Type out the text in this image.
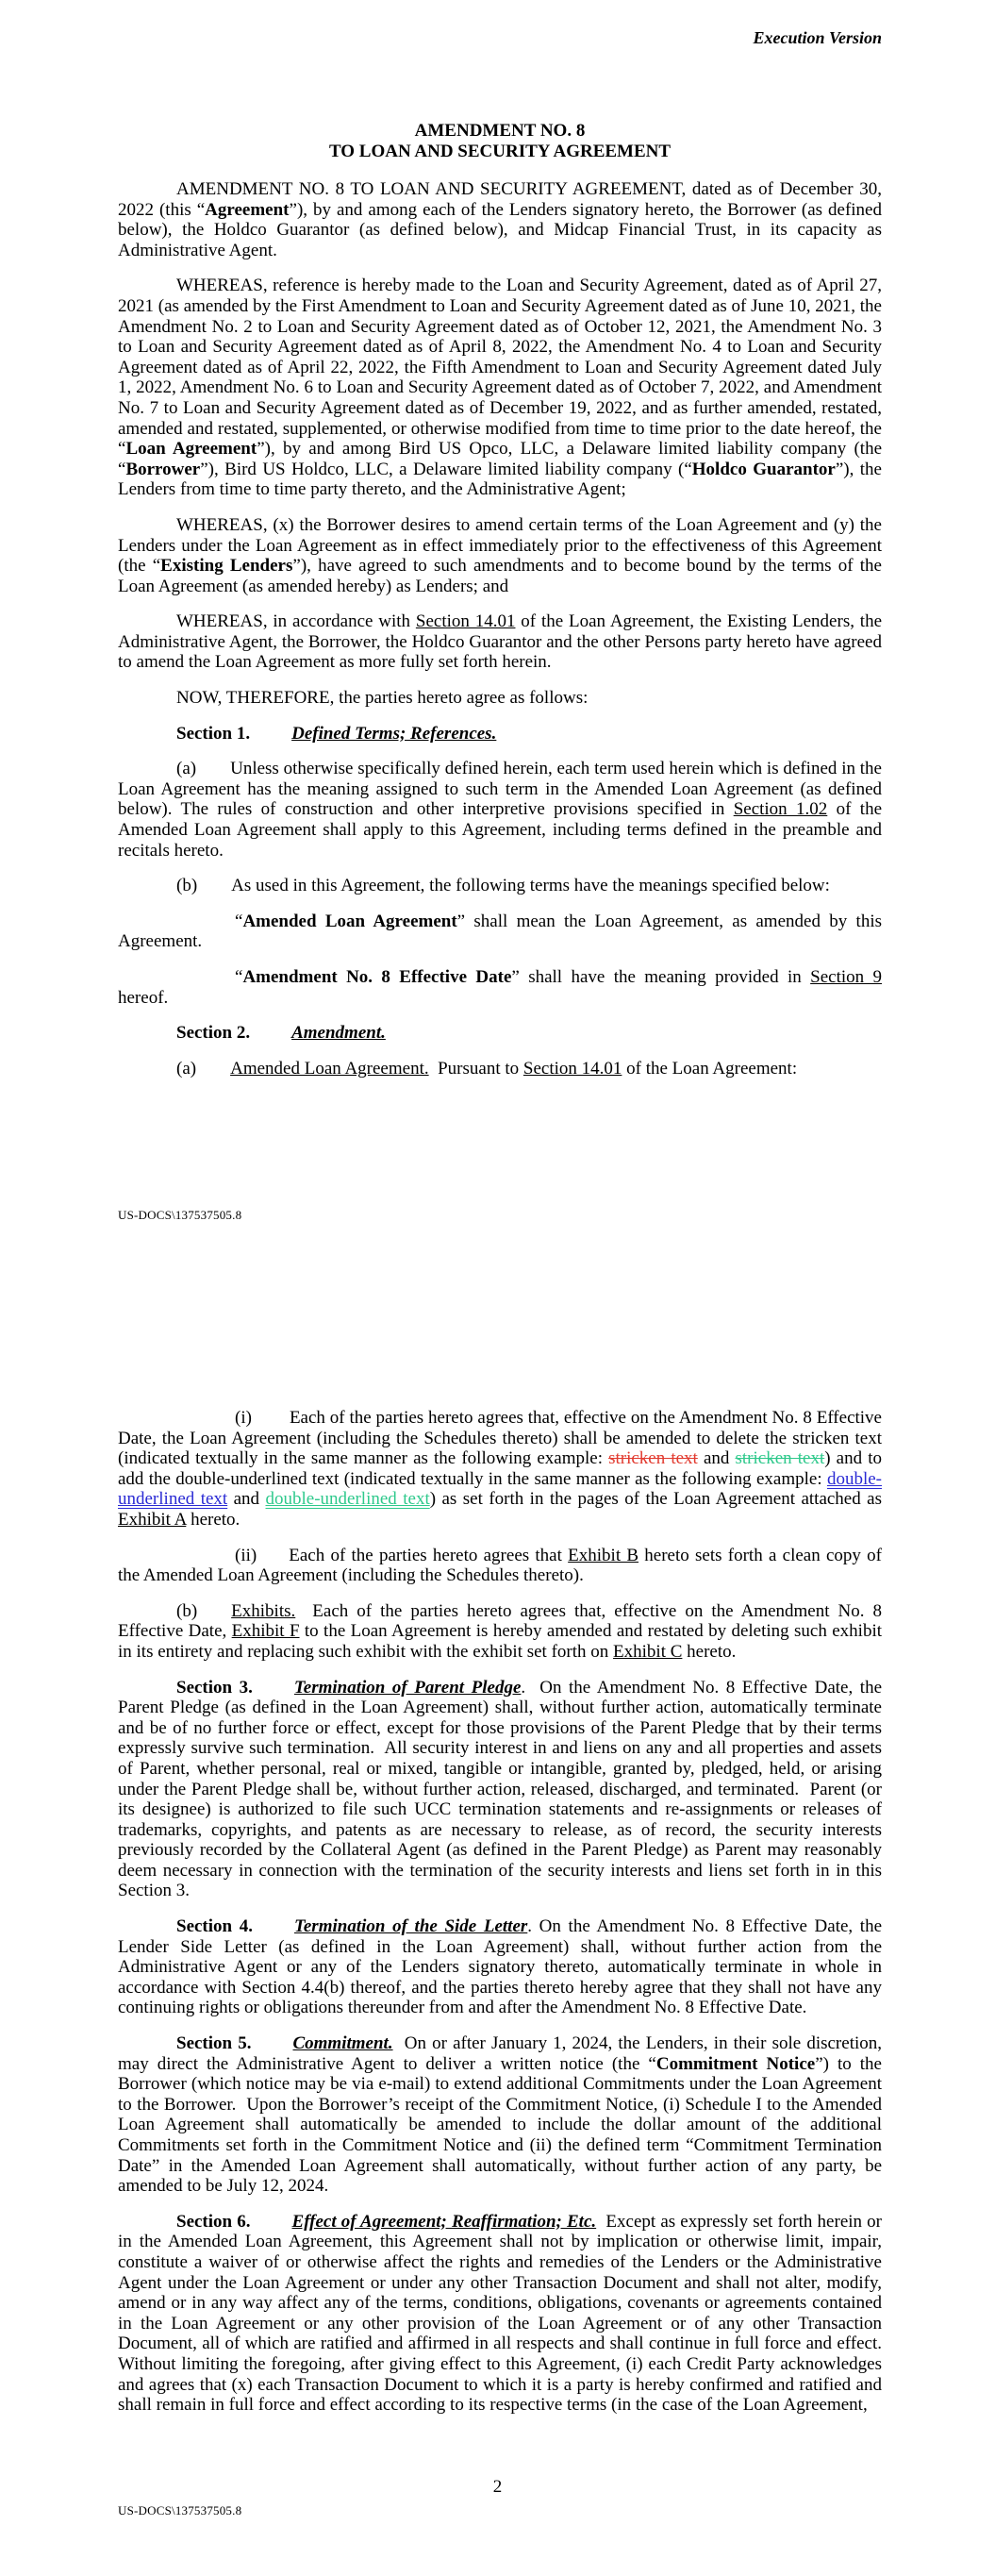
Execution Version
AMENDMENT NO. 8
TO LOAN AND SECURITY AGREEMENT

AMENDMENT NO. 8 TO LOAN AND SECURITY AGREEMENT, dated as of December 30, 2022 (this “Agreement”), by and among each of the Lenders signatory hereto, the Borrower (as defined below), the Holdco Guarantor (as defined below), and Midcap Financial Trust, in its capacity as Administrative Agent.

WHEREAS, reference is hereby made to the Loan and Security Agreement, dated as of April 27, 2021 (as amended by the First Amendment to Loan and Security Agreement dated as of June 10, 2021, the Amendment No. 2 to Loan and Security Agreement dated as of October 12, 2021, the Amendment No. 3 to Loan and Security Agreement dated as of April 8, 2022, the Amendment No. 4 to Loan and Security Agreement dated as of April 22, 2022, the Fifth Amendment to Loan and Security Agreement dated July 1, 2022, Amendment No. 6 to Loan and Security Agreement dated as of October 7, 2022, and Amendment No. 7 to Loan and Security Agreement dated as of December 19, 2022, and as further amended, restated, amended and restated, supplemented, or otherwise modified from time to time prior to the date hereof, the “Loan Agreement”), by and among Bird US Opco, LLC, a Delaware limited liability company (the “Borrower”), Bird US Holdco, LLC, a Delaware limited liability company (“Holdco Guarantor”), the Lenders from time to time party thereto, and the Administrative Agent;

WHEREAS, (x) the Borrower desires to amend certain terms of the Loan Agreement and (y) the Lenders under the Loan Agreement as in effect immediately prior to the effectiveness of this Agreement (the “Existing Lenders”), have agreed to such amendments and to become bound by the terms of the Loan Agreement (as amended hereby) as Lenders; and

WHEREAS, in accordance with Section 14.01 of the Loan Agreement, the Existing Lenders, the Administrative Agent, the Borrower, the Holdco Guarantor and the other Persons party hereto have agreed to amend the Loan Agreement as more fully set forth herein.

NOW, THEREFORE, the parties hereto agree as follows:

Section 1. Defined Terms; References.

(a) Unless otherwise specifically defined herein, each term used herein which is defined in the Loan Agreement has the meaning assigned to such term in the Amended Loan Agreement (as defined below). The rules of construction and other interpretive provisions specified in Section 1.02 of the Amended Loan Agreement shall apply to this Agreement, including terms defined in the preamble and recitals hereto.

(b) As used in this Agreement, the following terms have the meanings specified below:

“Amended Loan Agreement” shall mean the Loan Agreement, as amended by this Agreement.

“Amendment No. 8 Effective Date” shall have the meaning provided in Section 9 hereof.

Section 2. Amendment.

(a) Amended Loan Agreement.  Pursuant to Section 14.01 of the Loan Agreement:

US-DOCS\137537505.8

(i) Each of the parties hereto agrees that, effective on the Amendment No. 8 Effective Date, the Loan Agreement (including the Schedules thereto) shall be amended to delete the stricken text (indicated textually in the same manner as the following example: stricken text and stricken text) and to add the double-underlined text (indicated textually in the same manner as the following example: double-underlined text and double-underlined text) as set forth in the pages of the Loan Agreement attached as Exhibit A hereto.

(ii) Each of the parties hereto agrees that Exhibit B hereto sets forth a clean copy of the Amended Loan Agreement (including the Schedules thereto).

(b) Exhibits.  Each of the parties hereto agrees that, effective on the Amendment No. 8 Effective Date, Exhibit F to the Loan Agreement is hereby amended and restated by deleting such exhibit in its entirety and replacing such exhibit with the exhibit set forth on Exhibit C hereto.

Section 3. Termination of Parent Pledge.  On the Amendment No. 8 Effective Date, the Parent Pledge (as defined in the Loan Agreement) shall, without further action, automatically terminate and be of no further force or effect, except for those provisions of the Parent Pledge that by their terms expressly survive such termination.  All security interest in and liens on any and all properties and assets of Parent, whether personal, real or mixed, tangible or intangible, granted by, pledged, held, or arising under the Parent Pledge shall be, without further action, released, discharged, and terminated.  Parent (or its designee) is authorized to file such UCC termination statements and re-assignments or releases of trademarks, copyrights, and patents as are necessary to release, as of record, the security interests previously recorded by the Collateral Agent (as defined in the Parent Pledge) as Parent may reasonably deem necessary in connection with the termination of the security interests and liens set forth in in this Section 3.

Section 4. Termination of the Side Letter. On the Amendment No. 8 Effective Date, the Lender Side Letter (as defined in the Loan Agreement) shall, without further action from the Administrative Agent or any of the Lenders signatory thereto, automatically terminate in whole in accordance with Section 4.4(b) thereof, and the parties thereto hereby agree that they shall not have any continuing rights or obligations thereunder from and after the Amendment No. 8 Effective Date.

Section 5. Commitment.  On or after January 1, 2024, the Lenders, in their sole discretion, may direct the Administrative Agent to deliver a written notice (the “Commitment Notice”) to the Borrower (which notice may be via e-mail) to extend additional Commitments under the Loan Agreement to the Borrower.  Upon the Borrower’s receipt of the Commitment Notice, (i) Schedule I to the Amended Loan Agreement shall automatically be amended to include the dollar amount of the additional Commitments set forth in the Commitment Notice and (ii) the defined term “Commitment Termination Date” in the Amended Loan Agreement shall automatically, without further action of any party, be amended to be July 12, 2024.

Section 6. Effect of Agreement; Reaffirmation; Etc.  Except as expressly set forth herein or in the Amended Loan Agreement, this Agreement shall not by implication or otherwise limit, impair, constitute a waiver of or otherwise affect the rights and remedies of the Lenders or the Administrative Agent under the Loan Agreement or under any other Transaction Document and shall not alter, modify, amend or in any way affect any of the terms, conditions, obligations, covenants or agreements contained in the Loan Agreement or any other provision of the Loan Agreement or of any other Transaction Document, all of which are ratified and affirmed in all respects and shall continue in full force and effect. Without limiting the foregoing, after giving effect to this Agreement, (i) each Credit Party acknowledges and agrees that (x) each Transaction Document to which it is a party is hereby confirmed and ratified and shall remain in full force and effect according to its respective terms (in the case of the Loan Agreement,

2
US-DOCS\137537505.8
